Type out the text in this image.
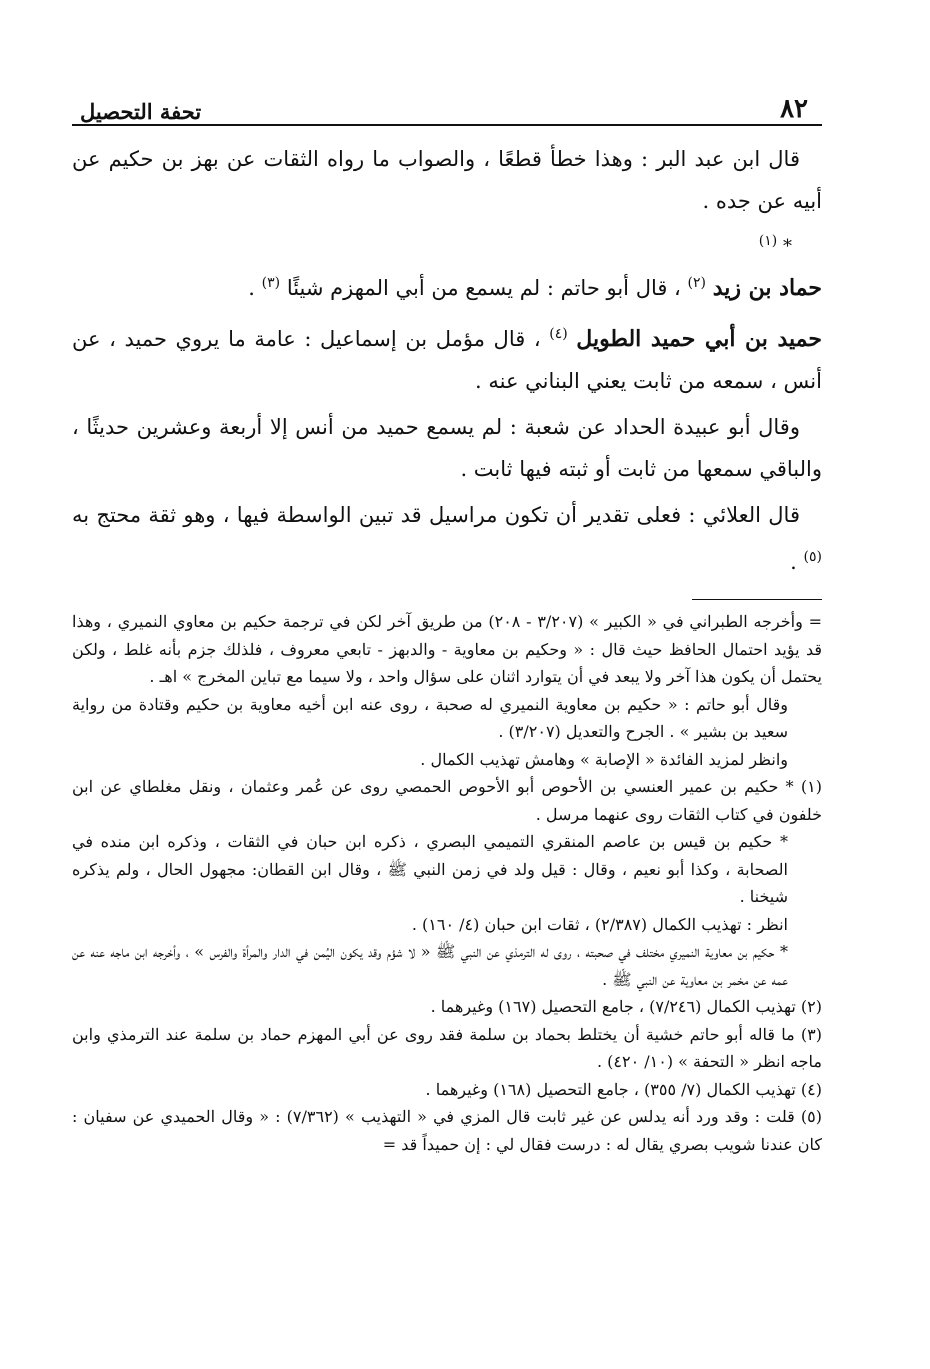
٨٢
تحفة التحصيل

قال ابن عبد البر : وهذا خطأ قطعًا ، والصواب ما رواه الثقات عن بهز بن حكيم عن أبيه عن جده .

* $^{(١)}$

حماد بن زيد $^{(٢)}$ ، قال أبو حاتم : لم يسمع من أبي المهزم شيئًا $^{(٣)}$ .

حميد بن أبي حميد الطويل $^{(٤)}$ ، قال مؤمل بن إسماعيل : عامة ما يروي حميد ، عن أنس ، سمعه من ثابت يعني البناني عنه .

وقال أبو عبيدة الحداد عن شعبة : لم يسمع حميد من أنس إلا أربعة وعشرين حديثًا ، والباقي سمعها من ثابت أو ثبته فيها ثابت .

قال العلائي : فعلى تقدير أن تكون مراسيل قد تبين الواسطة فيها ، وهو ثقة محتج به $^{(٥)}$ .

= وأخرجه الطبراني في « الكبير » (٣/٢٠٧ - ٢٠٨) من طريق آخر لكن في ترجمة حكيم بن معاوي النميري ، وهذا قد يؤيد احتمال الحافظ حيث قال : « وحكيم بن معاوية - والدبهز - تابعي معروف ، فلذلك جزم بأنه غلط ، ولكن يحتمل أن يكون هذا آخر ولا يبعد في أن يتوارد اثنان على سؤال واحد ، ولا سيما مع تباين المخرج » اهـ .

وقال أبو حاتم : « حكيم بن معاوية النميري له صحبة ، روى عنه ابن أخيه معاوية بن حكيم وقتادة من رواية سعيد بن بشير » . الجرح والتعديل (٣/٢٠٧) .

وانظر لمزيد الفائدة « الإصابة » وهامش تهذيب الكمال .

(١) * حكيم بن عمير العنسي بن الأحوص أبو الأحوص الحمصي روى عن عُمر وعثمان ، ونقل مغلطاي عن ابن خلفون في كتاب الثقات روى عنهما مرسل .

* حكيم بن قيس بن عاصم المنقري التميمي البصري ، ذكره ابن حبان في الثقات ، وذكره ابن منده في الصحابة ، وكذا أبو نعيم ، وقال : قيل ولد في زمن النبي ﷺ ، وقال ابن القطان: مجهول الحال ، ولم يذكره شيخنا .

انظر : تهذيب الكمال (٢/٣٨٧) ، ثقات ابن حبان (٤/ ١٦٠) .

* حكيم بن معاوية النميري مختلف في صحبته ، روى له الترمذي عن النبي ﷺ « لا شؤم وقد يكون اليُمن في الدار والمرأة والفرس » ، وأخرجه ابن ماجه عنه عن عمه عن مخمر بن معاوية عن النبي ﷺ .

(٢) تهذيب الكمال (٧/٢٤٦) ، جامع التحصيل (١٦٧) وغيرهما .

(٣) ما قاله أبو حاتم خشية أن يختلط بحماد بن سلمة فقد روى عن أبي المهزم حماد بن سلمة عند الترمذي وابن ماجه انظر « التحفة » (١٠/ ٤٢٠) .

(٤) تهذيب الكمال (٧/ ٣٥٥) ، جامع التحصيل (١٦٨) وغيرهما .

(٥) قلت : وقد ورد أنه يدلس عن غير ثابت قال المزي في « التهذيب » (٧/٣٦٢) : « وقال الحميدي عن سفيان : كان عندنا شويب بصري يقال له : درست فقال لي : إن حميداً قد =
